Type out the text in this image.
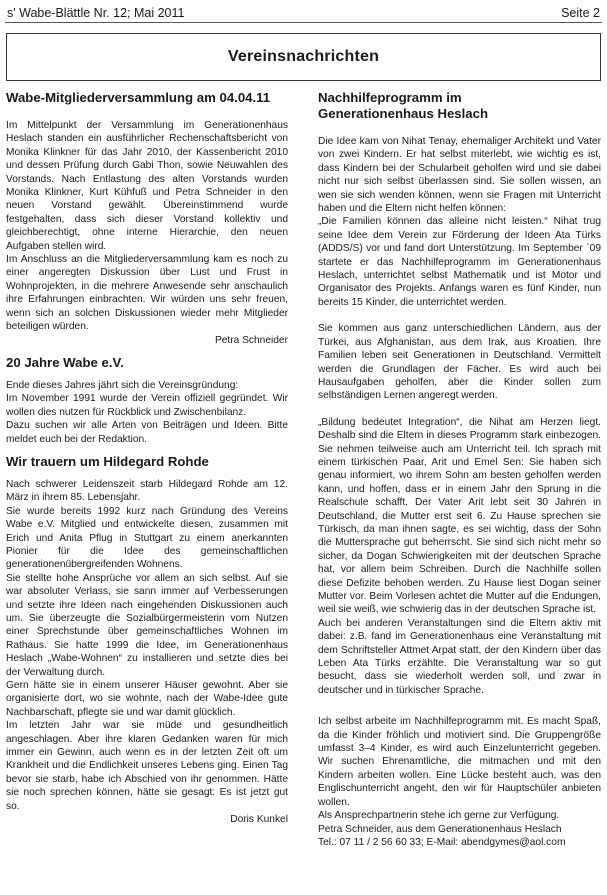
s' Wabe-Blättle Nr. 12; Mai 2011	Seite 2
Vereinsnachrichten
Wabe-Mitgliederversammlung am 04.04.11

Im Mittelpunkt der Versammlung im Generationenhaus Heslach standen ein ausführlicher Rechenschaftsbericht von Monika Klinkner für das Jahr 2010, der Kassenbericht 2010 und dessen Prüfung durch Gabi Thon, sowie Neuwahlen des Vorstands. Nach Entlastung des alten Vorstands wurden Monika Klinkner, Kurt Kühfuß und Petra Schneider in den neuen Vorstand gewählt. Übereinstimmend wurde festgehalten, dass sich dieser Vorstand kollektiv und gleichberechtigt, ohne interne Hierarchie, den neuen Aufgaben stellen wird.

Im Anschluss an die Mitgliederversammlung kam es noch zu einer angeregten Diskussion über Lust und Frust in Wohnprojekten, in die mehrere Anwesende sehr anschaulich ihre Erfahrungen einbrachten. Wir würden uns sehr freuen, wenn sich an solchen Diskussionen wieder mehr Mitglieder beteiligen würden.

Petra Schneider

20 Jahre Wabe e.V.

Ende dieses Jahres jährt sich die Vereinsgründung:

Im November 1991 wurde der Verein offiziell gegründet. Wir wollen dies nutzen für Rückblick und Zwischenbilanz.

Dazu suchen wir alle Arten von Beiträgen und Ideen. Bitte meldet euch bei der Redaktion.

Wir trauern um Hildegard Rohde

Nach schwerer Leidenszeit starb Hildegard Rohde am 12. März in ihrem 85. Lebensjahr.

Sie wurde bereits 1992 kurz nach Gründung des Vereins Wabe e.V. Mitglied und entwickelte diesen, zusammen mit Erich und Anita Pflug in Stuttgart zu einem anerkannten Pionier für die Idee des gemeinschaftlichen generationenübergreifenden Wohnens.

Sie stellte hohe Ansprüche vor allem an sich selbst. Auf sie war absoluter Verlass, sie sann immer auf Verbesserungen und setzte ihre Ideen nach eingehenden Diskussionen auch um. Sie überzeugte die Sozialbürgermeisterin vom Nutzen einer Sprechstunde über gemeinschaftliches Wohnen im Rathaus. Sie hatte 1999 die Idee, im Generationenhaus Heslach „Wabe-Wohnen“ zu installieren und setzte dies bei der Verwaltung durch.

Gern hätte sie in einem unserer Häuser gewohnt. Aber sie organisierte dort, wo sie wohnte, nach der Wabe-Idee gute Nachbarschaft, pflegte sie und war damit glücklich.

Im letzten Jahr war sie müde und gesundheitlich angeschlagen. Aber ihre klaren Gedanken waren für mich immer ein Gewinn, auch wenn es in der letzten Zeit oft um Krankheit und die Endlichkeit unseres Lebens ging. Einen Tag bevor sie starb, habe ich Abschied von ihr genommen. Hätte sie noch sprechen können, hätte sie gesagt: Es ist jetzt gut so.

Doris Kunkel

Nachhilfeprogramm im
Generationenhaus Heslach

Die Idee kam von Nihat Tenay, ehemaliger Architekt und Vater von zwei Kindern. Er hat selbst miterlebt, wie wichtig es ist, dass Kindern bei der Schularbeit geholfen wird und sie dabei nicht nur sich selbst überlassen sind. Sie sollen wissen, an wen sie sich wenden können, wenn sie Fragen mit Unterricht haben und die Eltern nicht helfen können:

„Die Familien können das alleine nicht leisten.“ Nihat trug seine Idee dem Verein zur Förderung der Ideen Ata Türks (ADDS/S) vor und fand dort Unterstützung. Im September `09 startete er das Nachhilfeprogramm im Generationenhaus Heslach, unterrichtet selbst Mathematik und ist Motor und Organisator des Projekts. Anfangs waren es fünf Kinder, nun bereits 15 Kinder, die unterrichtet werden.

Sie kommen aus ganz unterschiedlichen Ländern, aus der Türkei, aus Afghanistan, aus dem Irak, aus Kroatien. Ihre Familien leben seit Generationen in Deutschland. Vermittelt werden die Grundlagen der Fächer. Es wird auch bei Hausaufgaben geholfen, aber die Kinder sollen zum selbständigen Lernen angeregt werden.

„Bildung bedeutet Integration“, die Nihat am Herzen liegt. Deshalb sind die Eltern in dieses Programm stark einbezogen. Sie nehmen teilweise auch am Unterricht teil. Ich sprach mit einem türkischen Paar, Arit und Emel Sen: Sie haben sich genau informiert, wo ihrem Sohn am besten geholfen werden kann, und hoffen, dass er in einem Jahr den Sprung in die Realschule schafft. Der Vater Arit lebt seit 30 Jahren in Deutschland, die Mutter erst seit 6. Zu Hause sprechen sie Türkisch, da man ihnen sagte, es sei wichtig, dass der Sohn die Muttersprache gut beherrscht. Sie sind sich nicht mehr so sicher, da Dogan Schwierigkeiten mit der deutschen Sprache hat, vor allem beim Schreiben. Durch die Nachhilfe sollen diese Defizite behoben werden. Zu Hause liest Dogan seiner Mutter vor. Beim Vorlesen achtet die Mutter auf die Endungen, weil sie weiß, wie schwierig das in der deutschen Sprache ist.

Auch bei anderen Veranstaltungen sind die Eltern aktiv mit dabei: z.B. fand im Generationenhaus eine Veranstaltung mit dem Schriftsteller Attmet Arpat statt, der den Kindern über das Leben Ata Türks erzählte. Die Veranstaltung war so gut besucht, dass sie wiederholt werden soll, und zwar in deutscher und in türkischer Sprache.

Ich selbst arbeite im Nachhilfeprogramm mit. Es macht Spaß, da die Kinder fröhlich und motiviert sind. Die Gruppengröße umfasst 3–4 Kinder, es wird auch Einzelunterricht gegeben. Wir suchen Ehrenamtliche, die mitmachen und mit den Kindern arbeiten wollen. Eine Lücke besteht auch, was den Englischunterricht angeht, den wir für Hauptschüler anbieten wollen.

Als Ansprechpartnerin stehe ich gerne zur Verfügung.

Petra Schneider, aus dem Generationenhaus Heslach

Tel.: 07 11 / 2 56 60 33; E-Mail: abendgymes@aol.com
